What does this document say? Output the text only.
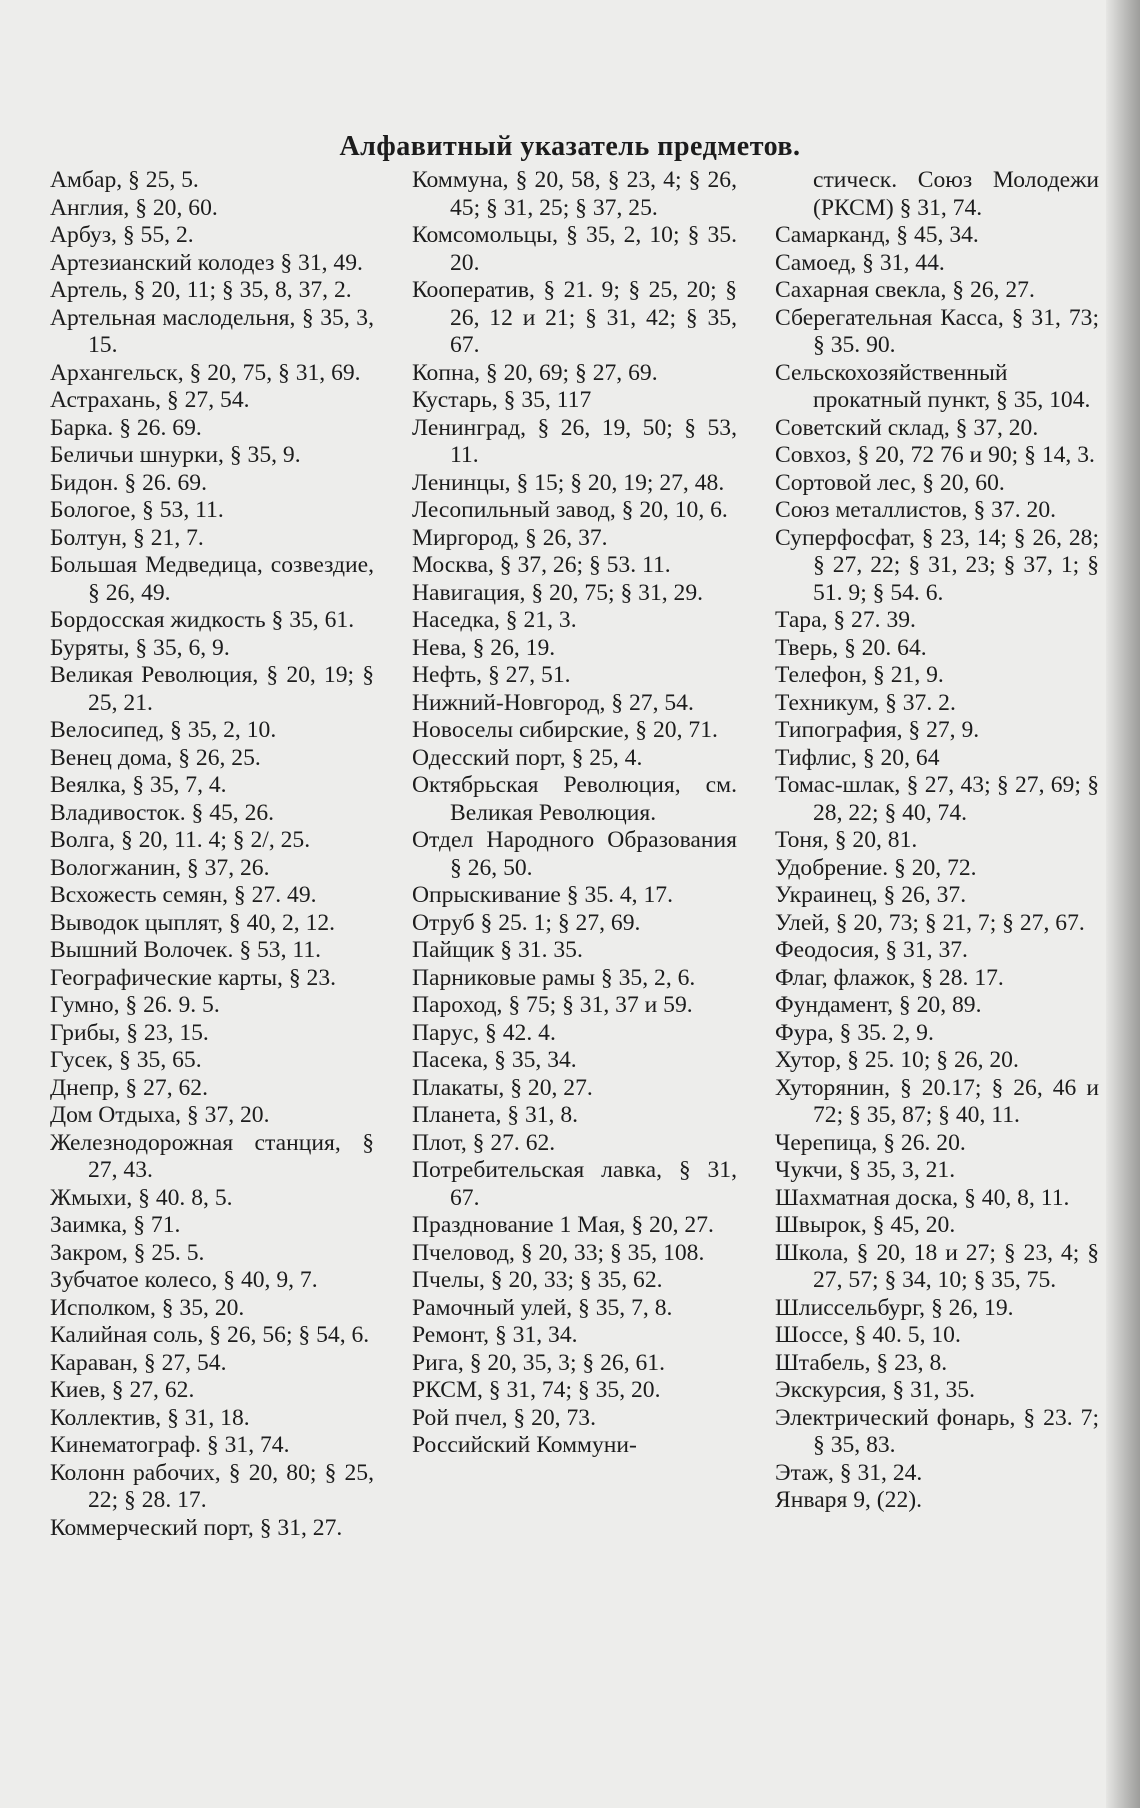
Алфавитный указатель предметов.
Амбар, § 25, 5.
Англия, § 20, 60.
Арбуз, § 55, 2.
Артезианский колодез § 31, 49.
Артель, § 20, 11; § 35, 8, 37, 2.
Артельная маслодельня, § 35, 3, 15.
Архангельск, § 20, 75, § 31, 69.
Астрахань, § 27, 54.
Барка. § 26. 69.
Беличьи шнурки, § 35, 9.
Бидон. § 26. 69.
Бологое, § 53, 11.
Болтун, § 21, 7.
Большая Медведица, созвездие, § 26, 49.
Бордосская жидкость § 35, 61.
Буряты, § 35, 6, 9.
Великая Революция, § 20, 19; § 25, 21.
Велосипед, § 35, 2, 10.
Венец дома, § 26, 25.
Веялка, § 35, 7, 4.
Владивосток. § 45, 26.
Волга, § 20, 11. 4; § 2/, 25.
Вологжанин, § 37, 26.
Всхожесть семян, § 27. 49.
Выводок цыплят, § 40, 2, 12.
Вышний Волочек. § 53, 11.
Географические карты, § 23.
Гумно, § 26. 9. 5.
Грибы, § 23, 15.
Гусек, § 35, 65.
Днепр, § 27, 62.
Дом Отдыха, § 37, 20.
Железнодорожная станция, § 27, 43.
Жмыхи, § 40. 8, 5.
Заимка, § 71.
Закром, § 25. 5.
Зубчатое колесо, § 40, 9, 7.
Исполком, § 35, 20.
Калийная соль, § 26, 56; § 54, 6.
Караван, § 27, 54.
Киев, § 27, 62.
Коллектив, § 31, 18.
Кинематограф. § 31, 74.
Колонн рабочих, § 20, 80; § 25, 22; § 28. 17.
Коммерческий порт, § 31, 27.
Коммуна, § 20, 58, § 23, 4; § 26, 45; § 31, 25; § 37, 25.
Комсомольцы, § 35, 2, 10; § 35. 20.
Кооператив, § 21. 9; § 25, 20; § 26, 12 и 21; § 31, 42; § 35, 67.
Копна, § 20, 69; § 27, 69.
Кустарь, § 35, 117
Ленинград, § 26, 19, 50; § 53, 11.
Ленинцы, § 15; § 20, 19; 27, 48.
Лесопильный завод, § 20, 10, 6.
Миргород, § 26, 37.
Москва, § 37, 26; § 53. 11.
Навигация, § 20, 75; § 31, 29.
Наседка, § 21, 3.
Нева, § 26, 19.
Нефть, § 27, 51.
Нижний-Новгород, § 27, 54.
Новоселы сибирские, § 20, 71.
Одесский порт, § 25, 4.
Октябрьская Революция, см. Великая Революция.
Отдел Народного Образования § 26, 50.
Опрыскивание § 35. 4, 17.
Отруб § 25. 1; § 27, 69.
Пайщик § 31. 35.
Парниковые рамы § 35, 2, 6.
Пароход, § 75; § 31, 37 и 59.
Парус, § 42. 4.
Пасека, § 35, 34.
Плакаты, § 20, 27.
Планета, § 31, 8.
Плот, § 27. 62.
Потребительская лавка, § 31, 67.
Празднование 1 Мая, § 20, 27.
Пчеловод, § 20, 33; § 35, 108.
Пчелы, § 20, 33; § 35, 62.
Рамочный улей, § 35, 7, 8.
Ремонт, § 31, 34.
Рига, § 20, 35, 3; § 26, 61.
РКСМ, § 31, 74; § 35, 20.
Рой пчел, § 20, 73.
Российский Коммуни-
стическ. Союз Молодежи (РКСМ) § 31, 74.
Самарканд, § 45, 34.
Самоед, § 31, 44.
Сахарная свекла, § 26, 27.
Сберегательная Касса, § 31, 73; § 35. 90.
Сельскохозяйственный прокатный пункт, § 35, 104.
Советский склад, § 37, 20.
Совхоз, § 20, 72 76 и 90; § 14, 3.
Сортовой лес, § 20, 60.
Союз металлистов, § 37. 20.
Суперфосфат, § 23, 14; § 26, 28; § 27, 22; § 31, 23; § 37, 1; § 51. 9; § 54. 6.
Тара, § 27. 39.
Тверь, § 20. 64.
Телефон, § 21, 9.
Техникум, § 37. 2.
Типография, § 27, 9.
Тифлис, § 20, 64
Томас-шлак, § 27, 43; § 27, 69; § 28, 22; § 40, 74.
Тоня, § 20, 81.
Удобрение. § 20, 72.
Украинец, § 26, 37.
Улей, § 20, 73; § 21, 7; § 27, 67.
Феодосия, § 31, 37.
Флаг, флажок, § 28. 17.
Фундамент, § 20, 89.
Фура, § 35. 2, 9.
Хутор, § 25. 10; § 26, 20.
Хуторянин, § 20.17; § 26, 46 и 72; § 35, 87; § 40, 11.
Черепица, § 26. 20.
Чукчи, § 35, 3, 21.
Шахматная доска, § 40, 8, 11.
Швырок, § 45, 20.
Школа, § 20, 18 и 27; § 23, 4; § 27, 57; § 34, 10; § 35, 75.
Шлиссельбург, § 26, 19.
Шоссе, § 40. 5, 10.
Штабель, § 23, 8.
Экскурсия, § 31, 35.
Электрический фонарь, § 23. 7; § 35, 83.
Этаж, § 31, 24.
Января 9, (22).
